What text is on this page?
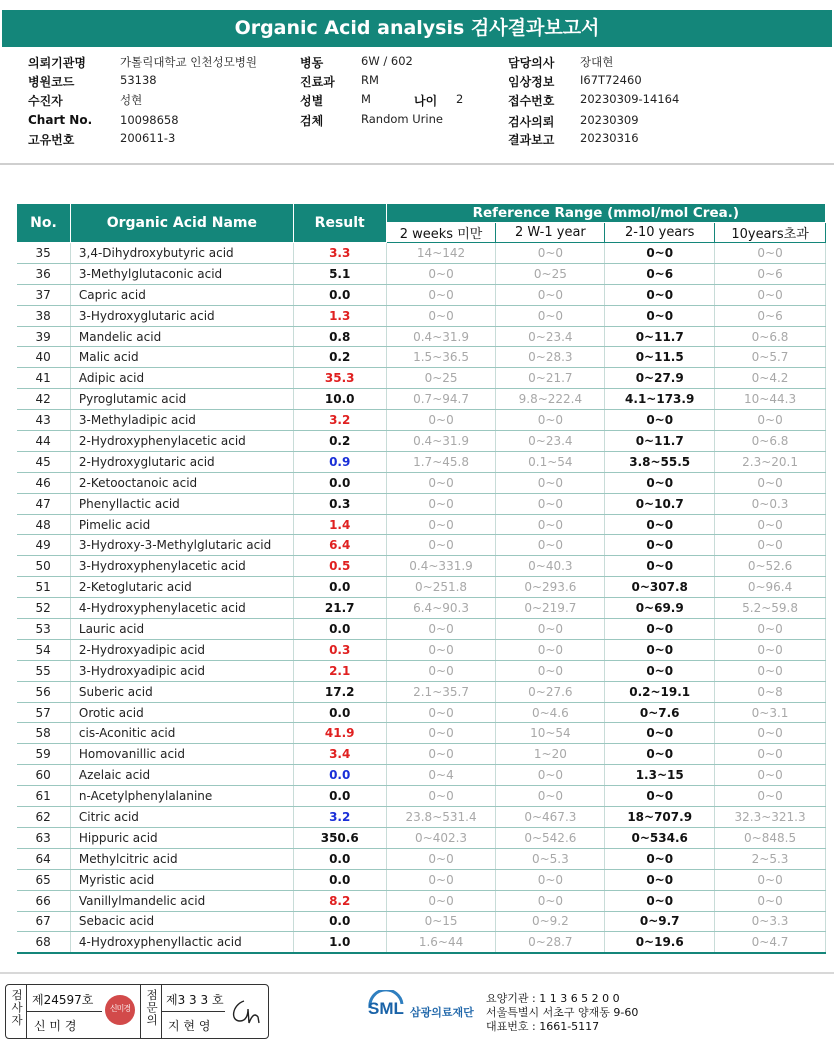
Organic Acid analysis 검사결과보고서
의뢰기관명	가톨릭대학교 인천성모병원
병원코드	53138
수진자	성현
Chart No. 10098658
고유번호	200611-3
병동	6W / 602
진료과 RM
성별	M	나이 2
검체	Random Urine
담당의사 장대현
임상정보 I67T72460
접수번호 20230309-14164
검사의뢰 20230309
결과보고 20230316
No.	Organic Acid Name	Result	Reference Range (mmol/mol Crea.)			
			2 weeks 미만	2 W-1 year	2-10 years	10years초과
35	3,4-Dihydroxybutyric acid	3.3	14~142	0~0	0~0	0~0
36	3-Methylglutaconic acid	5.1	0~0	0~25	0~6	0~6
37	Capric acid	0.0	0~0	0~0	0~0	0~0
38	3-Hydroxyglutaric acid	1.3	0~0	0~0	0~0	0~6
39	Mandelic acid	0.8	0.4~31.9	0~23.4	0~11.7	0~6.8
40	Malic acid	0.2	1.5~36.5	0~28.3	0~11.5	0~5.7
41	Adipic acid	35.3	0~25	0~21.7	0~27.9	0~4.2
42	Pyroglutamic acid	10.0	0.7~94.7	9.8~222.4	4.1~173.9	10~44.3
43	3-Methyladipic acid	3.2	0~0	0~0	0~0	0~0
44	2-Hydroxyphenylacetic acid	0.2	0.4~31.9	0~23.4	0~11.7	0~6.8
45	2-Hydroxyglutaric acid	0.9	1.7~45.8	0.1~54	3.8~55.5	2.3~20.1
46	2-Ketooctanoic acid	0.0	0~0	0~0	0~0	0~0
47	Phenyllactic acid	0.3	0~0	0~0	0~10.7	0~0.3
48	Pimelic acid	1.4	0~0	0~0	0~0	0~0
49	3-Hydroxy-3-Methylglutaric acid	6.4	0~0	0~0	0~0	0~0
50	3-Hydroxyphenylacetic acid	0.5	0.4~331.9	0~40.3	0~0	0~52.6
51	2-Ketoglutaric acid	0.0	0~251.8	0~293.6	0~307.8	0~96.4
52	4-Hydroxyphenylacetic acid	21.7	6.4~90.3	0~219.7	0~69.9	5.2~59.8
53	Lauric acid	0.0	0~0	0~0	0~0	0~0
54	2-Hydroxyadipic acid	0.3	0~0	0~0	0~0	0~0
55	3-Hydroxyadipic acid	2.1	0~0	0~0	0~0	0~0
56	Suberic acid	17.2	2.1~35.7	0~27.6	0.2~19.1	0~8
57	Orotic acid	0.0	0~0	0~4.6	0~7.6	0~3.1
58	cis-Aconitic acid	41.9	0~0	10~54	0~0	0~0
59	Homovanillic acid	3.4	0~0	1~20	0~0	0~0
60	Azelaic acid	0.0	0~4	0~0	1.3~15	0~0
61	n-Acetylphenylalanine	0.0	0~0	0~0	0~0	0~0
62	Citric acid	3.2	23.8~531.4	0~467.3	18~707.9	32.3~321.3
63	Hippuric acid	350.6	0~402.3	0~542.6	0~534.6	0~848.5
64	Methylcitric acid	0.0	0~0	0~5.3	0~0	2~5.3
65	Myristic acid	0.0	0~0	0~0	0~0	0~0
66	Vanillylmandelic acid	8.2	0~0	0~0	0~0	0~0
67	Sebacic acid	0.0	0~15	0~9.2	0~9.7	0~3.3
68	4-Hydroxyphenyllactic acid	1.0	1.6~44	0~28.7	0~19.6	0~4.7
검사자 제24597호
신 미 경
신미경	점문의 제3 3 3 호
지 현 영
SML 삼광의료재단
요양기관 : 1 1 3 6 5 2 0 0
서울특별시 서초구 양재동 9-60
대표번호 : 1661-5117
